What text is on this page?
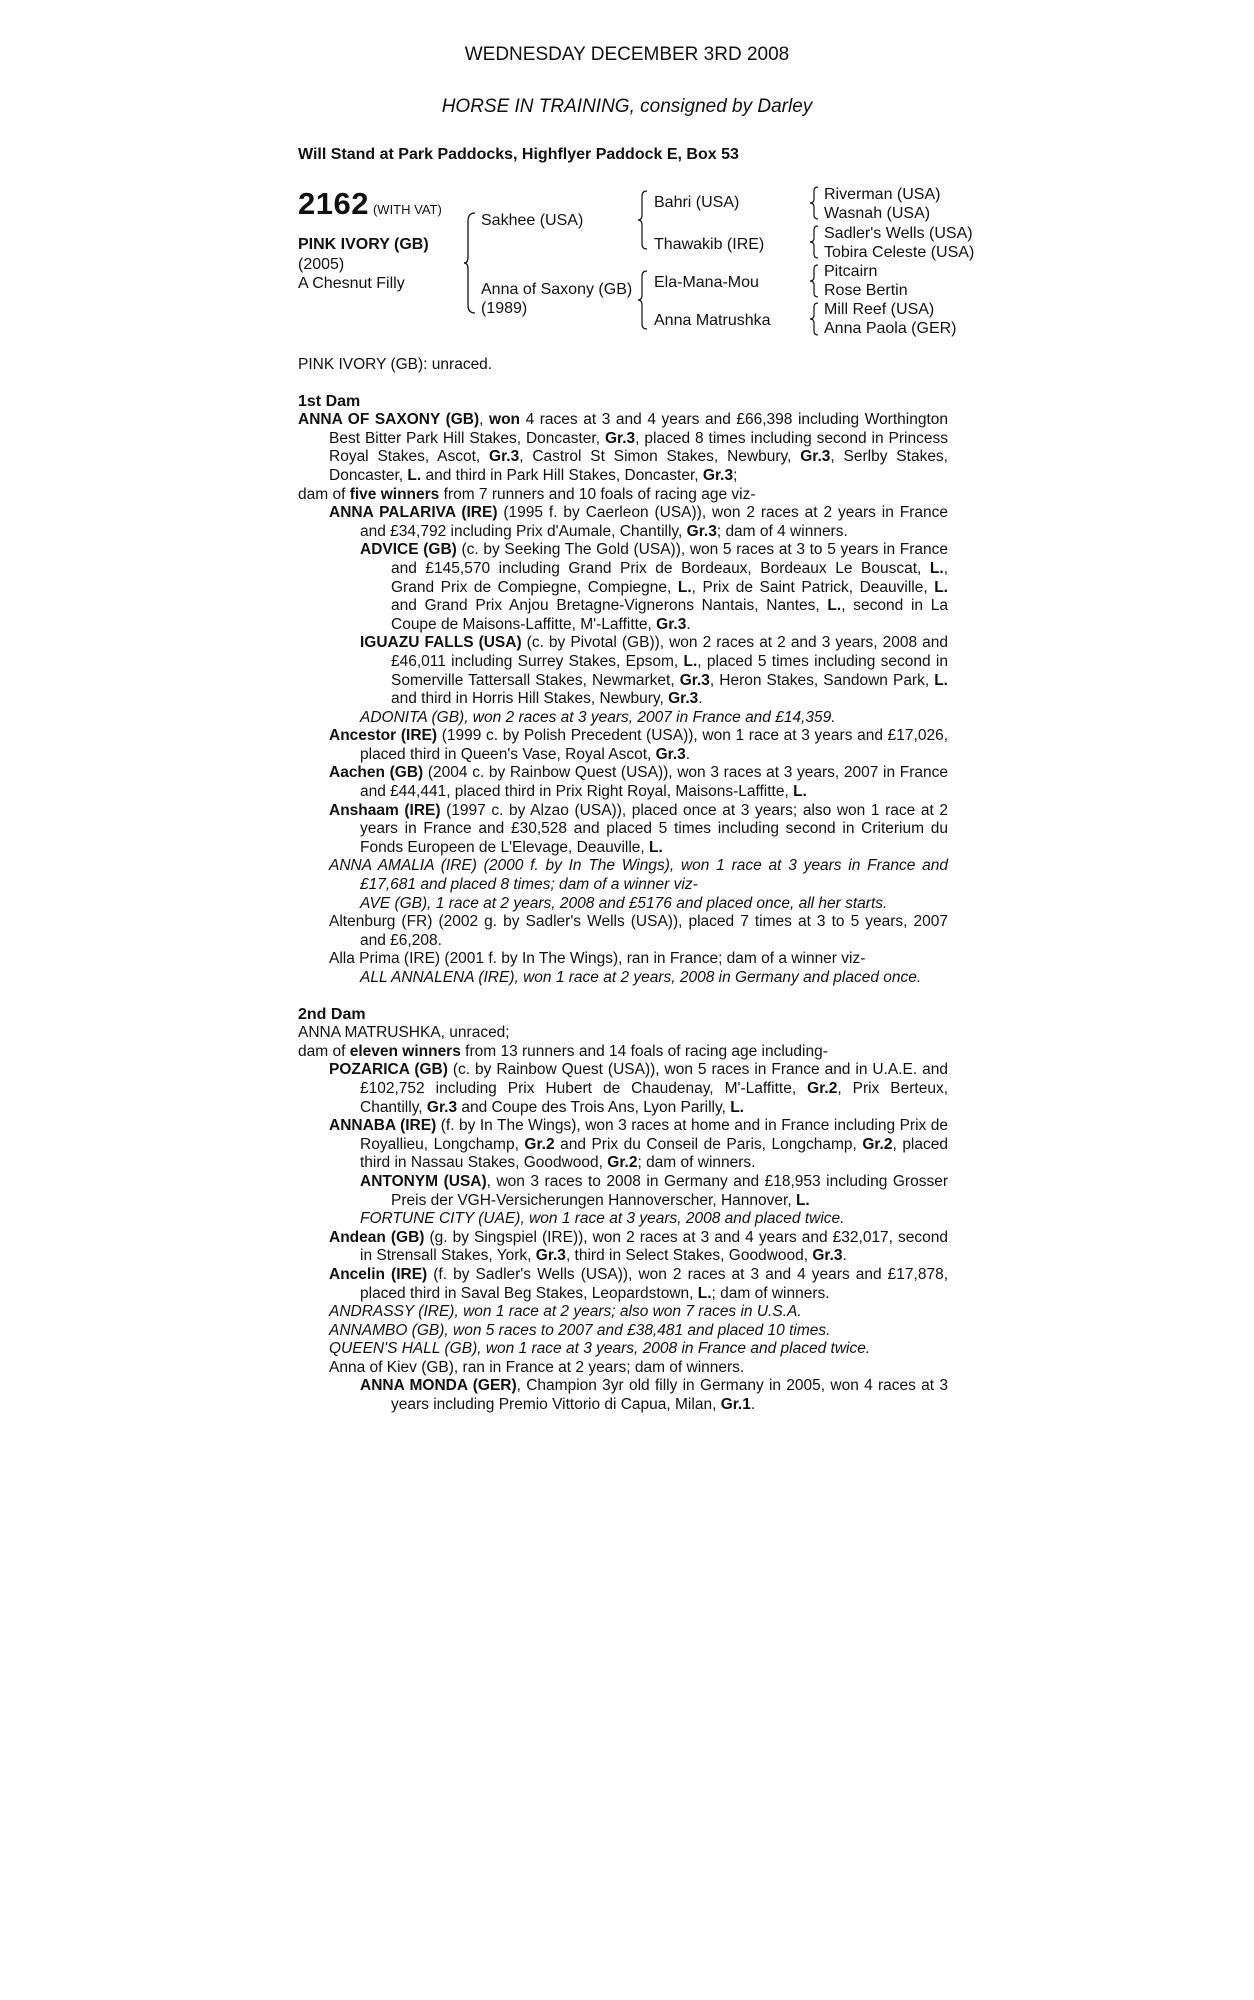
WEDNESDAY DECEMBER 3RD 2008
HORSE IN TRAINING, consigned by Darley
Will Stand at Park Paddocks, Highflyer Paddock E, Box 53
2162 (WITH VAT)
PINK IVORY (GB)
(2005)
A Chesnut Filly
Sakhee (USA)
Anna of Saxony (GB)
(1989)
Bahri (USA)
Thawakib (IRE)
Ela-Mana-Mou
Anna Matrushka
Riverman (USA)
Wasnah (USA)
Sadler's Wells (USA)
Tobira Celeste (USA)
Pitcairn
Rose Bertin
Mill Reef (USA)
Anna Paola (GER)

PINK IVORY (GB): unraced.

1st Dam

ANNA OF SAXONY (GB), won 4 races at 3 and 4 years and £66,398 including Worthington Best Bitter Park Hill Stakes, Doncaster, Gr.3, placed 8 times including second in Princess Royal Stakes, Ascot, Gr.3, Castrol St Simon Stakes, Newbury, Gr.3, Serlby Stakes, Doncaster, L. and third in Park Hill Stakes, Doncaster, Gr.3;

dam of five winners from 7 runners and 10 foals of racing age viz-

ANNA PALARIVA (IRE) (1995 f. by Caerleon (USA)), won 2 races at 2 years in France and £34,792 including Prix d'Aumale, Chantilly, Gr.3; dam of 4 winners.

ADVICE (GB) (c. by Seeking The Gold (USA)), won 5 races at 3 to 5 years in France and £145,570 including Grand Prix de Bordeaux, Bordeaux Le Bouscat, L., Grand Prix de Compiegne, Compiegne, L., Prix de Saint Patrick, Deauville, L. and Grand Prix Anjou Bretagne-Vignerons Nantais, Nantes, L., second in La Coupe de Maisons-Laffitte, M'-Laffitte, Gr.3.

IGUAZU FALLS (USA) (c. by Pivotal (GB)), won 2 races at 2 and 3 years, 2008 and £46,011 including Surrey Stakes, Epsom, L., placed 5 times including second in Somerville Tattersall Stakes, Newmarket, Gr.3, Heron Stakes, Sandown Park, L. and third in Horris Hill Stakes, Newbury, Gr.3.

ADONITA (GB), won 2 races at 3 years, 2007 in France and £14,359.

Ancestor (IRE) (1999 c. by Polish Precedent (USA)), won 1 race at 3 years and £17,026, placed third in Queen's Vase, Royal Ascot, Gr.3.

Aachen (GB) (2004 c. by Rainbow Quest (USA)), won 3 races at 3 years, 2007 in France and £44,441, placed third in Prix Right Royal, Maisons-Laffitte, L.

Anshaam (IRE) (1997 c. by Alzao (USA)), placed once at 3 years; also won 1 race at 2 years in France and £30,528 and placed 5 times including second in Criterium du Fonds Europeen de L'Elevage, Deauville, L.

ANNA AMALIA (IRE) (2000 f. by In The Wings), won 1 race at 3 years in France and £17,681 and placed 8 times; dam of a winner viz-

AVE (GB), 1 race at 2 years, 2008 and £5176 and placed once, all her starts.

Altenburg (FR) (2002 g. by Sadler's Wells (USA)), placed 7 times at 3 to 5 years, 2007 and £6,208.

Alla Prima (IRE) (2001 f. by In The Wings), ran in France; dam of a winner viz-

ALL ANNALENA (IRE), won 1 race at 2 years, 2008 in Germany and placed once.

2nd Dam

ANNA MATRUSHKA, unraced;

dam of eleven winners from 13 runners and 14 foals of racing age including-

POZARICA (GB) (c. by Rainbow Quest (USA)), won 5 races in France and in U.A.E. and £102,752 including Prix Hubert de Chaudenay, M'-Laffitte, Gr.2, Prix Berteux, Chantilly, Gr.3 and Coupe des Trois Ans, Lyon Parilly, L.

ANNABA (IRE) (f. by In The Wings), won 3 races at home and in France including Prix de Royallieu, Longchamp, Gr.2 and Prix du Conseil de Paris, Longchamp, Gr.2, placed third in Nassau Stakes, Goodwood, Gr.2; dam of winners.

ANTONYM (USA), won 3 races to 2008 in Germany and £18,953 including Grosser Preis der VGH-Versicherungen Hannoverscher, Hannover, L.

FORTUNE CITY (UAE), won 1 race at 3 years, 2008 and placed twice.

Andean (GB) (g. by Singspiel (IRE)), won 2 races at 3 and 4 years and £32,017, second in Strensall Stakes, York, Gr.3, third in Select Stakes, Goodwood, Gr.3.

Ancelin (IRE) (f. by Sadler's Wells (USA)), won 2 races at 3 and 4 years and £17,878, placed third in Saval Beg Stakes, Leopardstown, L.; dam of winners.

ANDRASSY (IRE), won 1 race at 2 years; also won 7 races in U.S.A.

ANNAMBO (GB), won 5 races to 2007 and £38,481 and placed 10 times.

QUEEN'S HALL (GB), won 1 race at 3 years, 2008 in France and placed twice.

Anna of Kiev (GB), ran in France at 2 years; dam of winners.

ANNA MONDA (GER), Champion 3yr old filly in Germany in 2005, won 4 races at 3 years including Premio Vittorio di Capua, Milan, Gr.1.
